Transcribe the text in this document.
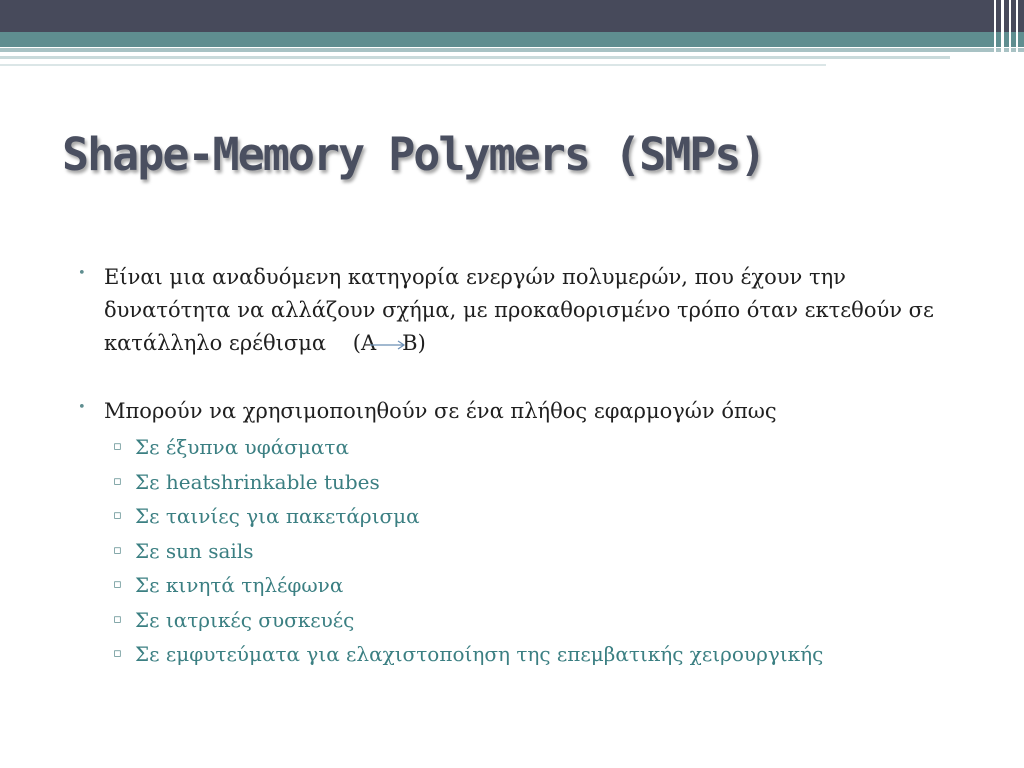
Shape-Memory Polymers (SMPs)
• Είναι μια αναδυόμενη κατηγορία ενεργών πολυμερών, που έχουν την δυνατότητα να αλλάζουν σχήμα, με προκαθορισμένο τρόπο όταν εκτεθούν σε κατάλληλο ερέθισμα (Α Β)

• Μπορούν να χρησιμοποιηθούν σε ένα πλήθος εφαρμογών όπως

▫ Σε έξυπνα υφάσματα
▫ Σε heatshrinkable tubes
▫ Σε ταινίες για πακετάρισμα
▫ Σε sun sails
▫ Σε κινητά τηλέφωνα
▫ Σε ιατρικές συσκευές
▫ Σε εμφυτεύματα για ελαχιστοποίηση της επεμβατικής χειρουργικής
